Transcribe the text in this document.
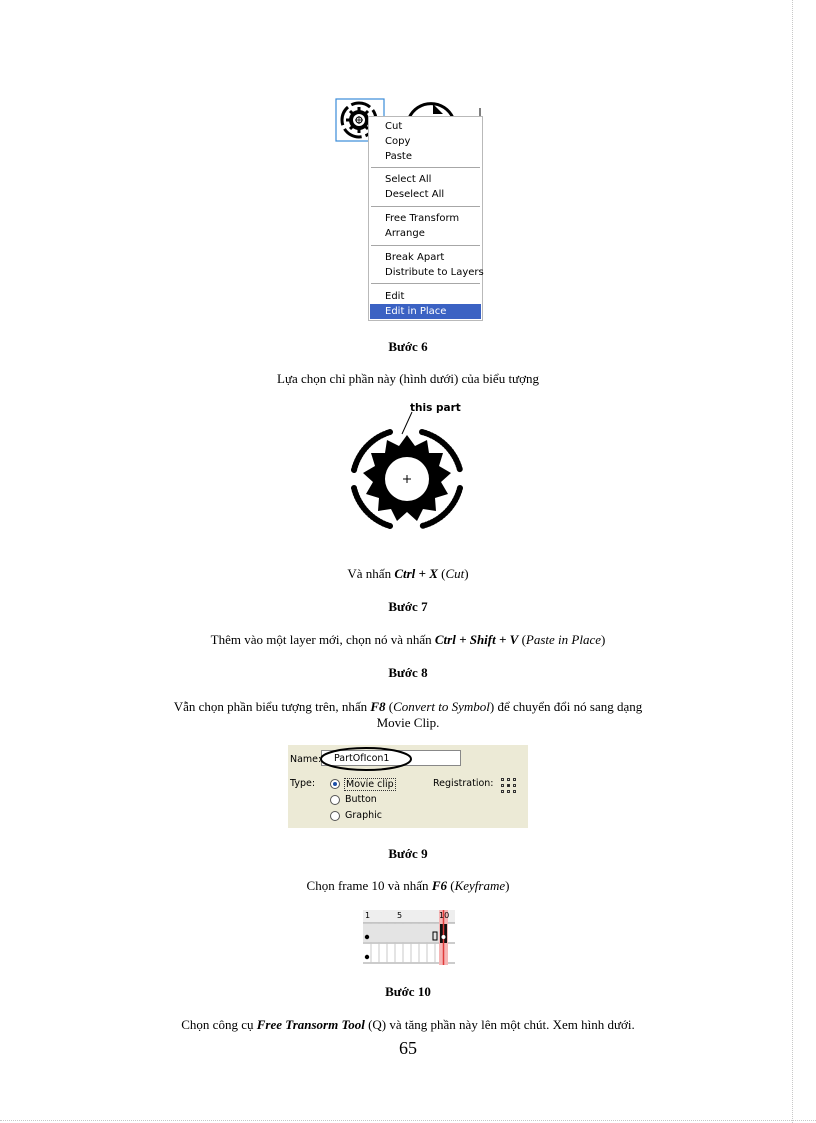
Cut
Copy
Paste
Select All
Deselect All
Free Transform
Arrange
Break Apart
Distribute to Layers
Edit
Edit in Place
Bước 6
Lựa chọn chỉ phần này (hình dưới) của biểu tượng
this part
Và nhấn Ctrl + X (Cut)
Bước 7
Thêm vào một layer mới, chọn nó và nhấn Ctrl + Shift + V (Paste in Place)
Bước 8
Vẫn chọn phần biểu tượng trên, nhấn F8 (Convert to Symbol) để chuyển đổi nó sang dạng
Movie Clip.
Name: PartOfIcon1
Type:	Movie clip
Button
Graphic
Registration:
Bước 9
Chọn frame 10 và nhấn F6 (Keyframe)
1	5	10
Bước 10
Chọn công cụ Free Transorm Tool (Q) và tăng phần này lên một chút. Xem hình dưới.
65
